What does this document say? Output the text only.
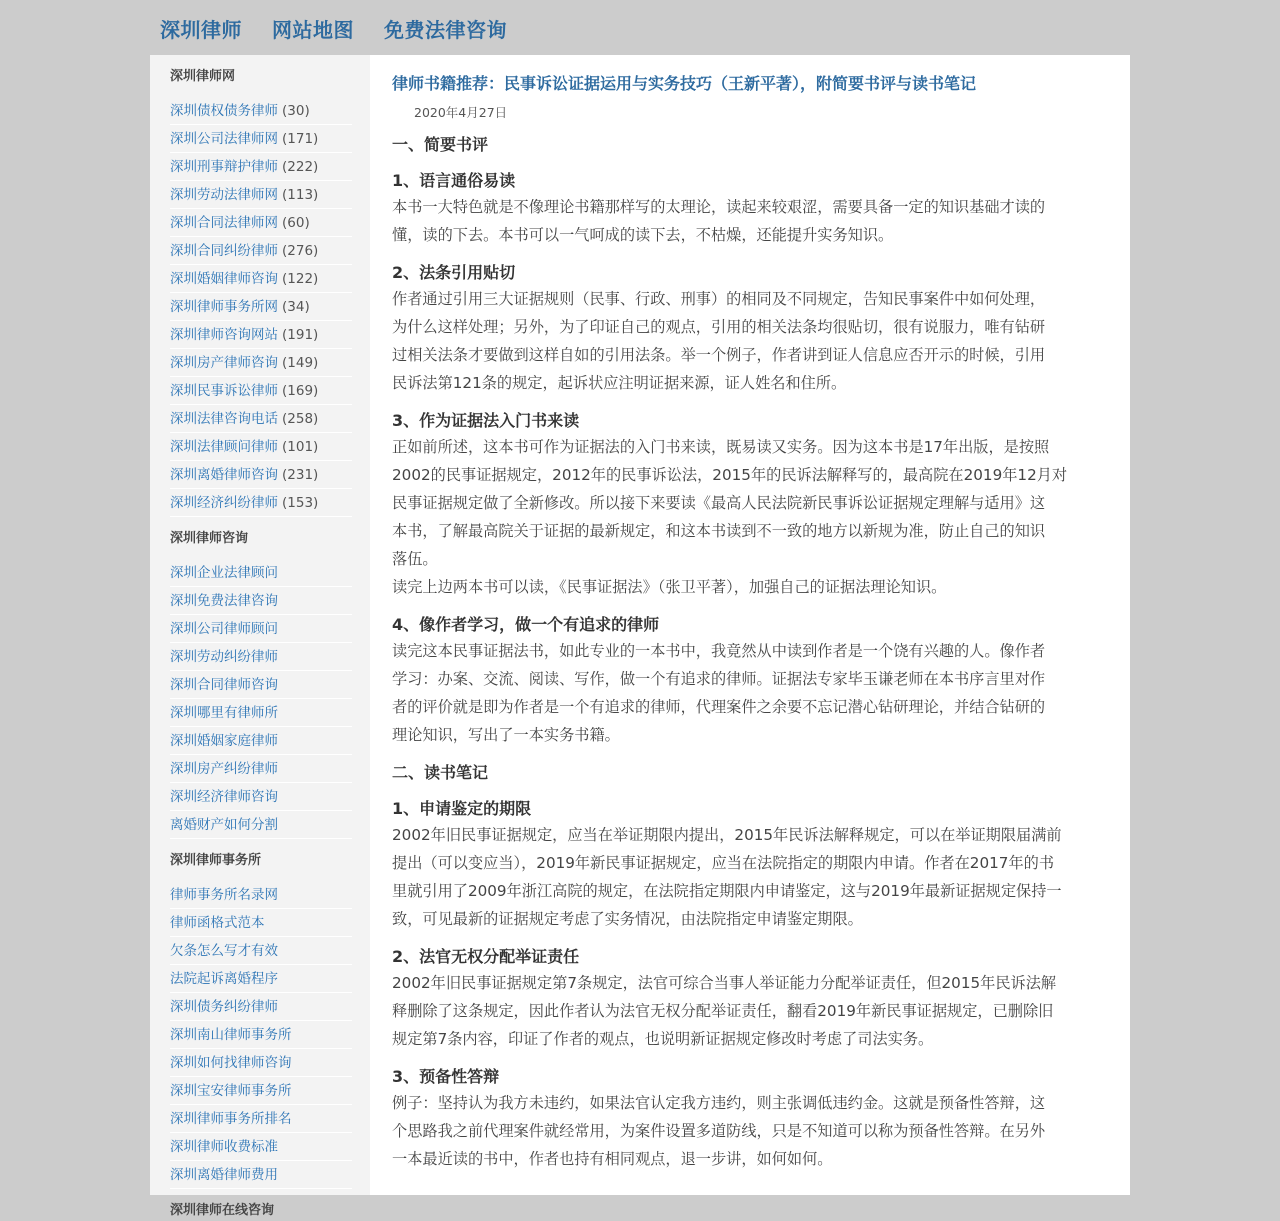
深圳律师 网站地图 免费法律咨询
深圳律师网
深圳债权债务律师 (30)
深圳公司法律师网 (171)
深圳刑事辩护律师 (222)
深圳劳动法律师网 (113)
深圳合同法律师网 (60)
深圳合同纠纷律师 (276)
深圳婚姻律师咨询 (122)
深圳律师事务所网 (34)
深圳律师咨询网站 (191)
深圳房产律师咨询 (149)
深圳民事诉讼律师 (169)
深圳法律咨询电话 (258)
深圳法律顾问律师 (101)
深圳离婚律师咨询 (231)
深圳经济纠纷律师 (153)
深圳律师咨询
深圳企业法律顾问
深圳免费法律咨询
深圳公司律师顾问
深圳劳动纠纷律师
深圳合同律师咨询
深圳哪里有律师所
深圳婚姻家庭律师
深圳房产纠纷律师
深圳经济律师咨询
离婚财产如何分割
深圳律师事务所
律师事务所名录网
律师函格式范本
欠条怎么写才有效
法院起诉离婚程序
深圳债务纠纷律师
深圳南山律师事务所
深圳如何找律师咨询
深圳宝安律师事务所
深圳律师事务所排名
深圳律师收费标准
深圳离婚律师费用
深圳律师在线咨询
律师书籍推荐：民事诉讼证据运用与实务技巧（王新平著），附简要书评与读书笔记
2020年4月27日
一、简要书评
1、语言通俗易读
本书一大特色就是不像理论书籍那样写的太理论，读起来较艰涩，需要具备一定的知识基础才读的
懂，读的下去。本书可以一气呵成的读下去，不枯燥，还能提升实务知识。
2、法条引用贴切
作者通过引用三大证据规则（民事、行政、刑事）的相同及不同规定，告知民事案件中如何处理，
为什么这样处理；另外，为了印证自己的观点，引用的相关法条均很贴切，很有说服力，唯有钻研
过相关法条才要做到这样自如的引用法条。举一个例子，作者讲到证人信息应否开示的时候，引用
民诉法第121条的规定，起诉状应注明证据来源，证人姓名和住所。
3、作为证据法入门书来读
正如前所述，这本书可作为证据法的入门书来读，既易读又实务。因为这本书是17年出版，是按照
2002的民事证据规定，2012年的民事诉讼法，2015年的民诉法解释写的，最高院在2019年12月对
民事证据规定做了全新修改。所以接下来要读《最高人民法院新民事诉讼证据规定理解与适用》这
本书，了解最高院关于证据的最新规定，和这本书读到不一致的地方以新规为准，防止自己的知识
落伍。
读完上边两本书可以读，《民事证据法》（张卫平著），加强自己的证据法理论知识。
4、像作者学习，做一个有追求的律师
读完这本民事证据法书，如此专业的一本书中，我竟然从中读到作者是一个饶有兴趣的人。像作者
学习：办案、交流、阅读、写作，做一个有追求的律师。证据法专家毕玉谦老师在本书序言里对作
者的评价就是即为作者是一个有追求的律师，代理案件之余要不忘记潜心钻研理论，并结合钻研的
理论知识，写出了一本实务书籍。
二、读书笔记
1、申请鉴定的期限
2002年旧民事证据规定，应当在举证期限内提出，2015年民诉法解释规定，可以在举证期限届满前
提出（可以变应当），2019年新民事证据规定，应当在法院指定的期限内申请。作者在2017年的书
里就引用了2009年浙江高院的规定，在法院指定期限内申请鉴定，这与2019年最新证据规定保持一
致，可见最新的证据规定考虑了实务情况，由法院指定申请鉴定期限。
2、法官无权分配举证责任
2002年旧民事证据规定第7条规定，法官可综合当事人举证能力分配举证责任，但2015年民诉法解
释删除了这条规定，因此作者认为法官无权分配举证责任，翻看2019年新民事证据规定，已删除旧
规定第7条内容，印证了作者的观点，也说明新证据规定修改时考虑了司法实务。
3、预备性答辩
例子：坚持认为我方未违约，如果法官认定我方违约，则主张调低违约金。这就是预备性答辩，这
个思路我之前代理案件就经常用，为案件设置多道防线，只是不知道可以称为预备性答辩。在另外
一本最近读的书中，作者也持有相同观点，退一步讲，如何如何。
